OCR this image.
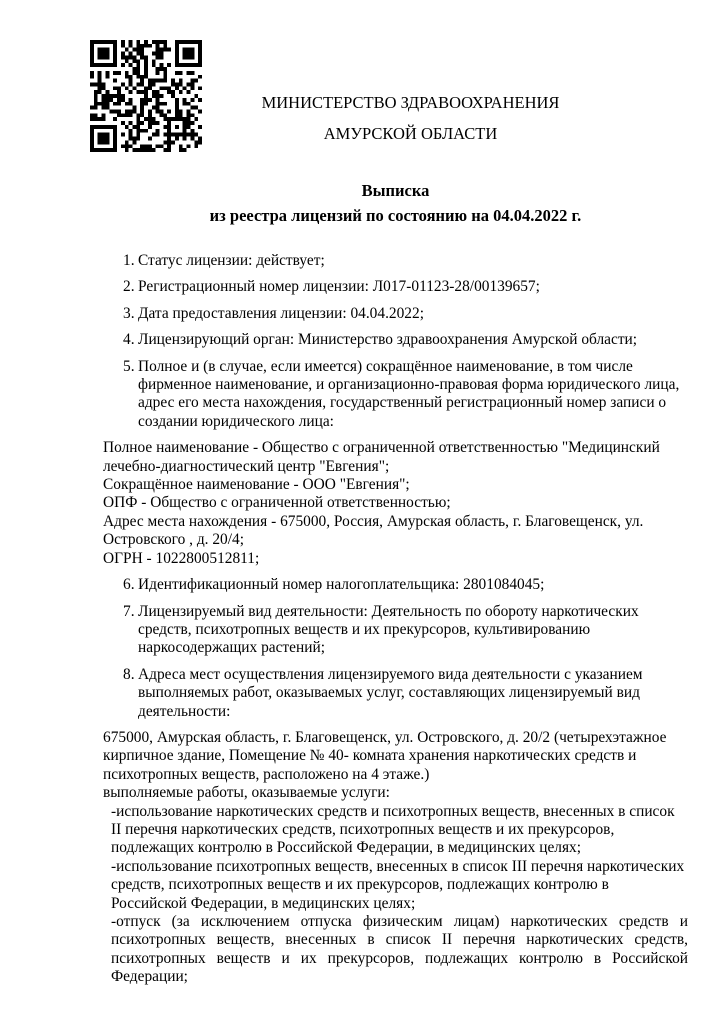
МИНИСТЕРСТВО ЗДРАВООХРАНЕНИЯ
АМУРСКОЙ ОБЛАСТИ
Выписка
из реестра лицензий по состоянию на 04.04.2022 г.
1. Статус лицензии: действует;
2. Регистрационный номер лицензии: Л017-01123-28/00139657;
3. Дата предоставления лицензии: 04.04.2022;
4. Лицензирующий орган: Министерство здравоохранения Амурской области;
5. Полное и (в случае, если имеется) сокращённое наименование, в том числе фирменное наименование, и организационно-правовая форма юридического лица, адрес его места нахождения, государственный регистрационный номер записи о создании юридического лица:
Полное наименование - Общество с ограниченной ответственностью "Медицинский лечебно-диагностический центр "Евгения";
Сокращённое наименование - ООО "Евгения";
ОПФ - Общество с ограниченной ответственностью;
Адрес места нахождения - 675000, Россия, Амурская область, г. Благовещенск, ул. Островского , д. 20/4;
ОГРН - 1022800512811;
6. Идентификационный номер налогоплательщика: 2801084045;
7. Лицензируемый вид деятельности: Деятельность по обороту наркотических средств, психотропных веществ и их прекурсоров, культивированию наркосодержащих растений;
8. Адреса мест осуществления лицензируемого вида деятельности с указанием выполняемых работ, оказываемых услуг, составляющих лицензируемый вид деятельности:
675000, Амурская область, г. Благовещенск, ул. Островского, д. 20/2 (четырехэтажное кирпичное здание, Помещение № 40- комната хранения наркотических средств и психотропных веществ, расположено на 4 этаже.)
выполняемые работы, оказываемые услуги:
-использование наркотических средств и психотропных веществ, внесенных в список II перечня наркотических средств, психотропных веществ и их прекурсоров, подлежащих контролю в Российской Федерации, в медицинских целях;
-использование психотропных веществ, внесенных в список III перечня наркотических средств, психотропных веществ и их прекурсоров, подлежащих контролю в Российской Федерации, в медицинских целях;
-отпуск (за исключением отпуска физическим лицам) наркотических средств и психотропных веществ, внесенных в список II перечня наркотических средств, психотропных веществ и их прекурсоров, подлежащих контролю в Российской Федерации;
